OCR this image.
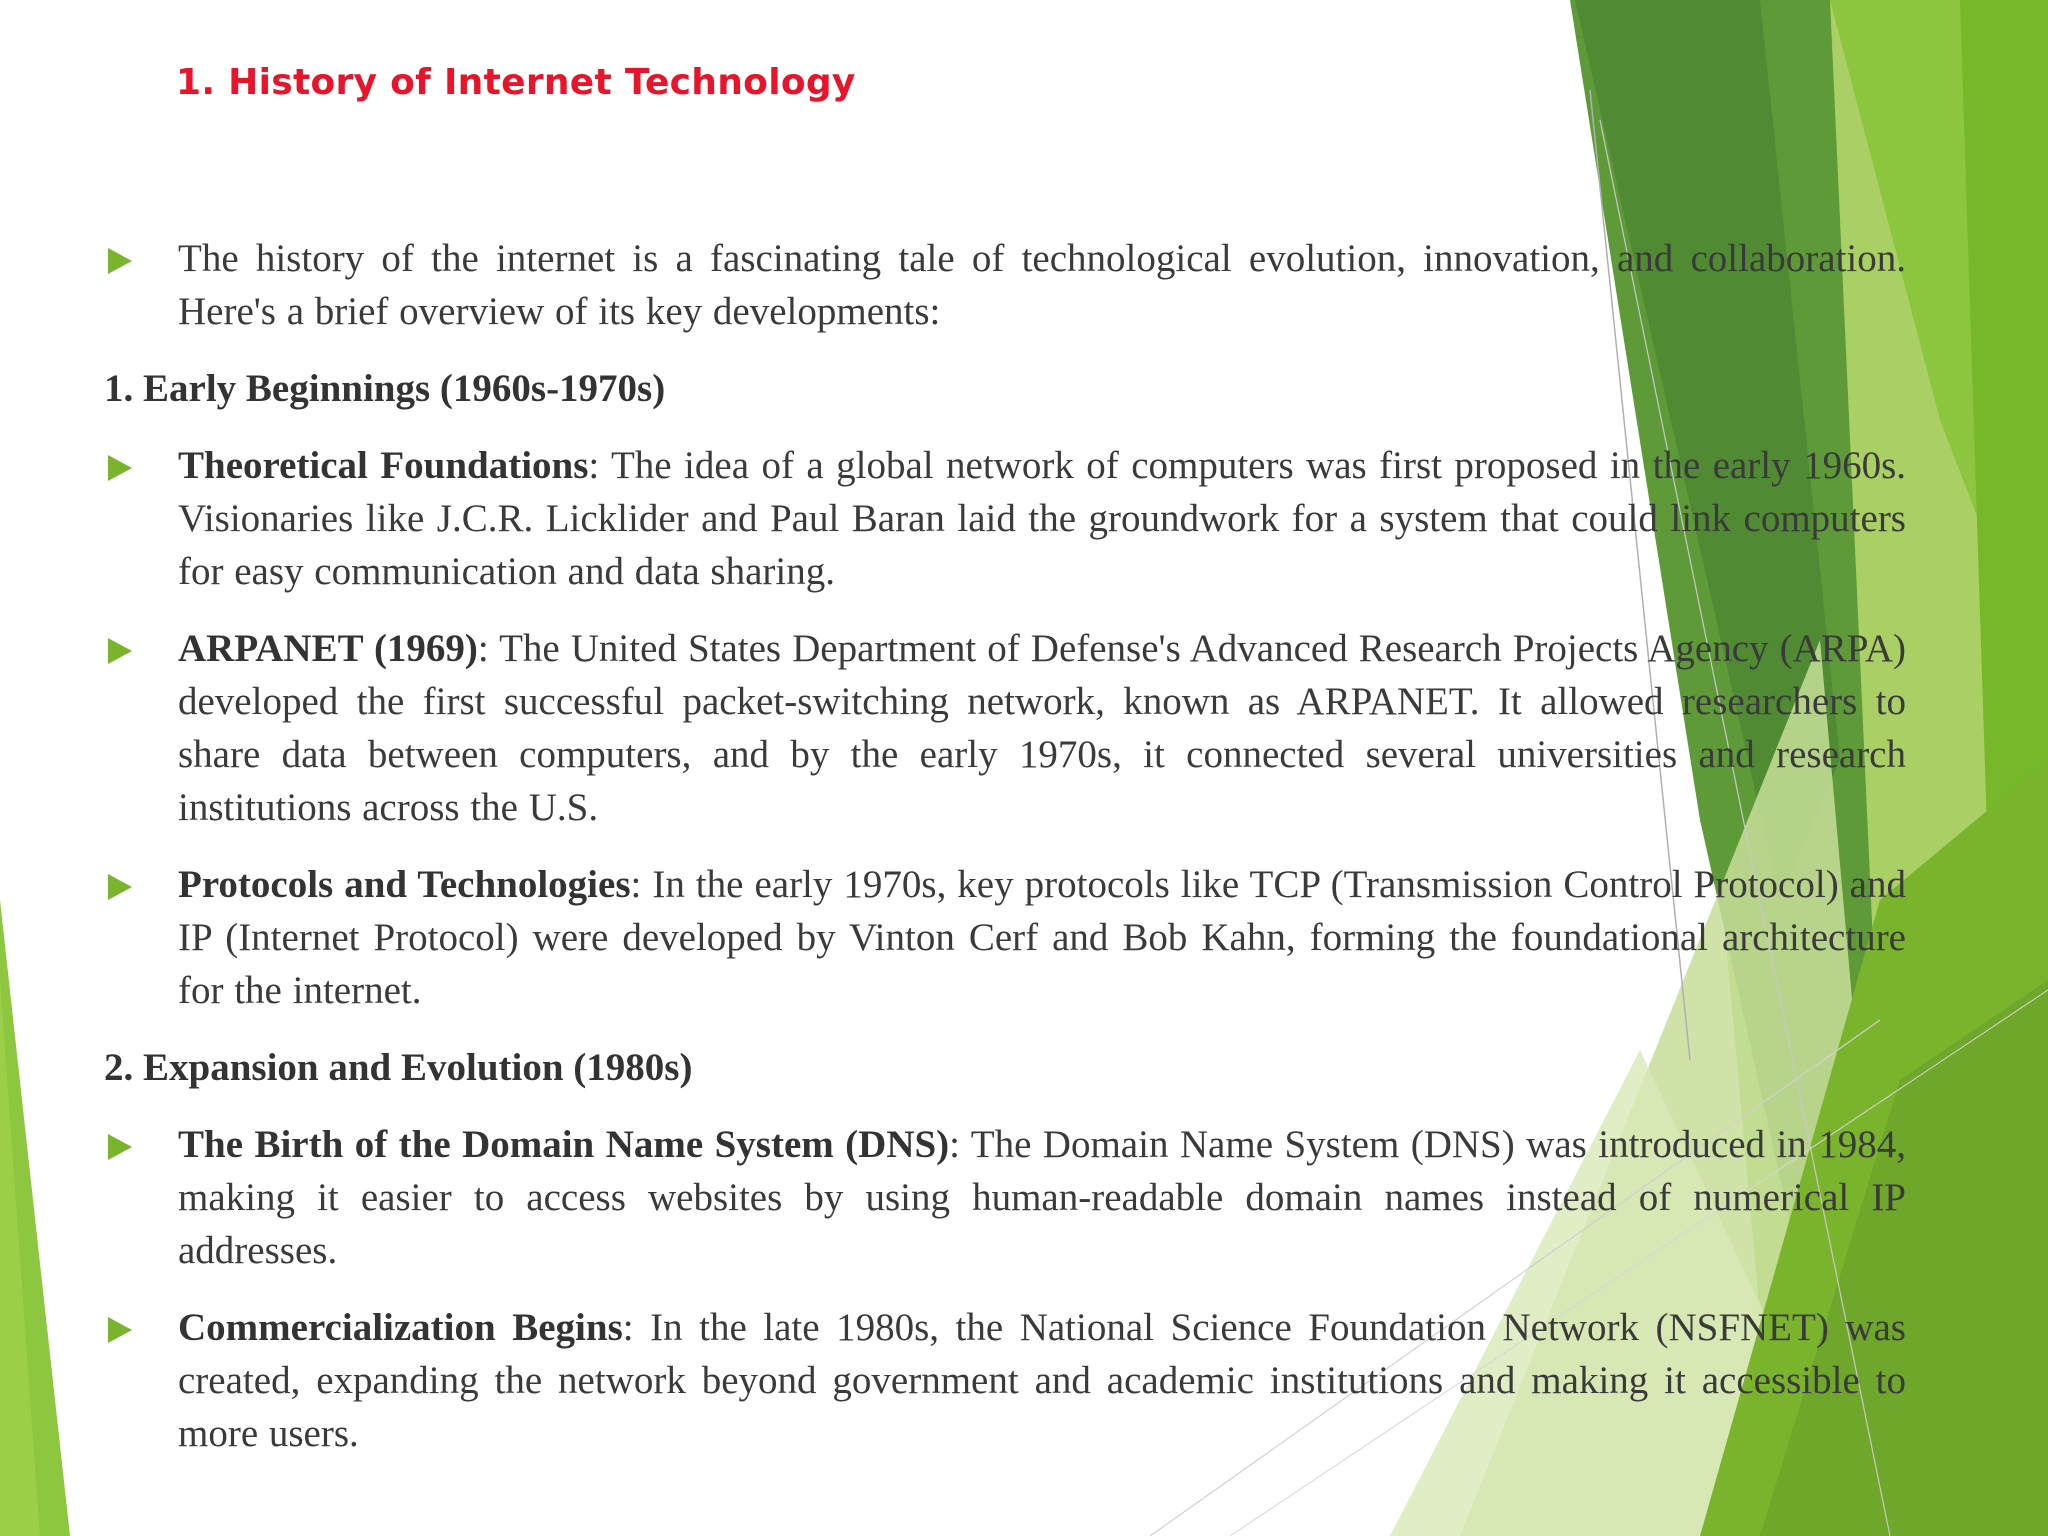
1. History of Internet Technology
The history of the internet is a fascinating tale of technological evolution, innovation, and collaboration. Here's a brief overview of its key developments:
1. Early Beginnings (1960s-1970s)
Theoretical Foundations: The idea of a global network of computers was first proposed in the early 1960s. Visionaries like J.C.R. Licklider and Paul Baran laid the groundwork for a system that could link computers for easy communication and data sharing.
ARPANET (1969): The United States Department of Defense's Advanced Research Projects Agency (ARPA) developed the first successful packet-switching network, known as ARPANET. It allowed researchers to share data between computers, and by the early 1970s, it connected several universities and research institutions across the U.S.
Protocols and Technologies: In the early 1970s, key protocols like TCP (Transmission Control Protocol) and IP (Internet Protocol) were developed by Vinton Cerf and Bob Kahn, forming the foundational architecture for the internet.
2. Expansion and Evolution (1980s)
The Birth of the Domain Name System (DNS): The Domain Name System (DNS) was introduced in 1984, making it easier to access websites by using human-readable domain names instead of numerical IP addresses.
Commercialization Begins: In the late 1980s, the National Science Foundation Network (NSFNET) was created, expanding the network beyond government and academic institutions and making it accessible to more users.
